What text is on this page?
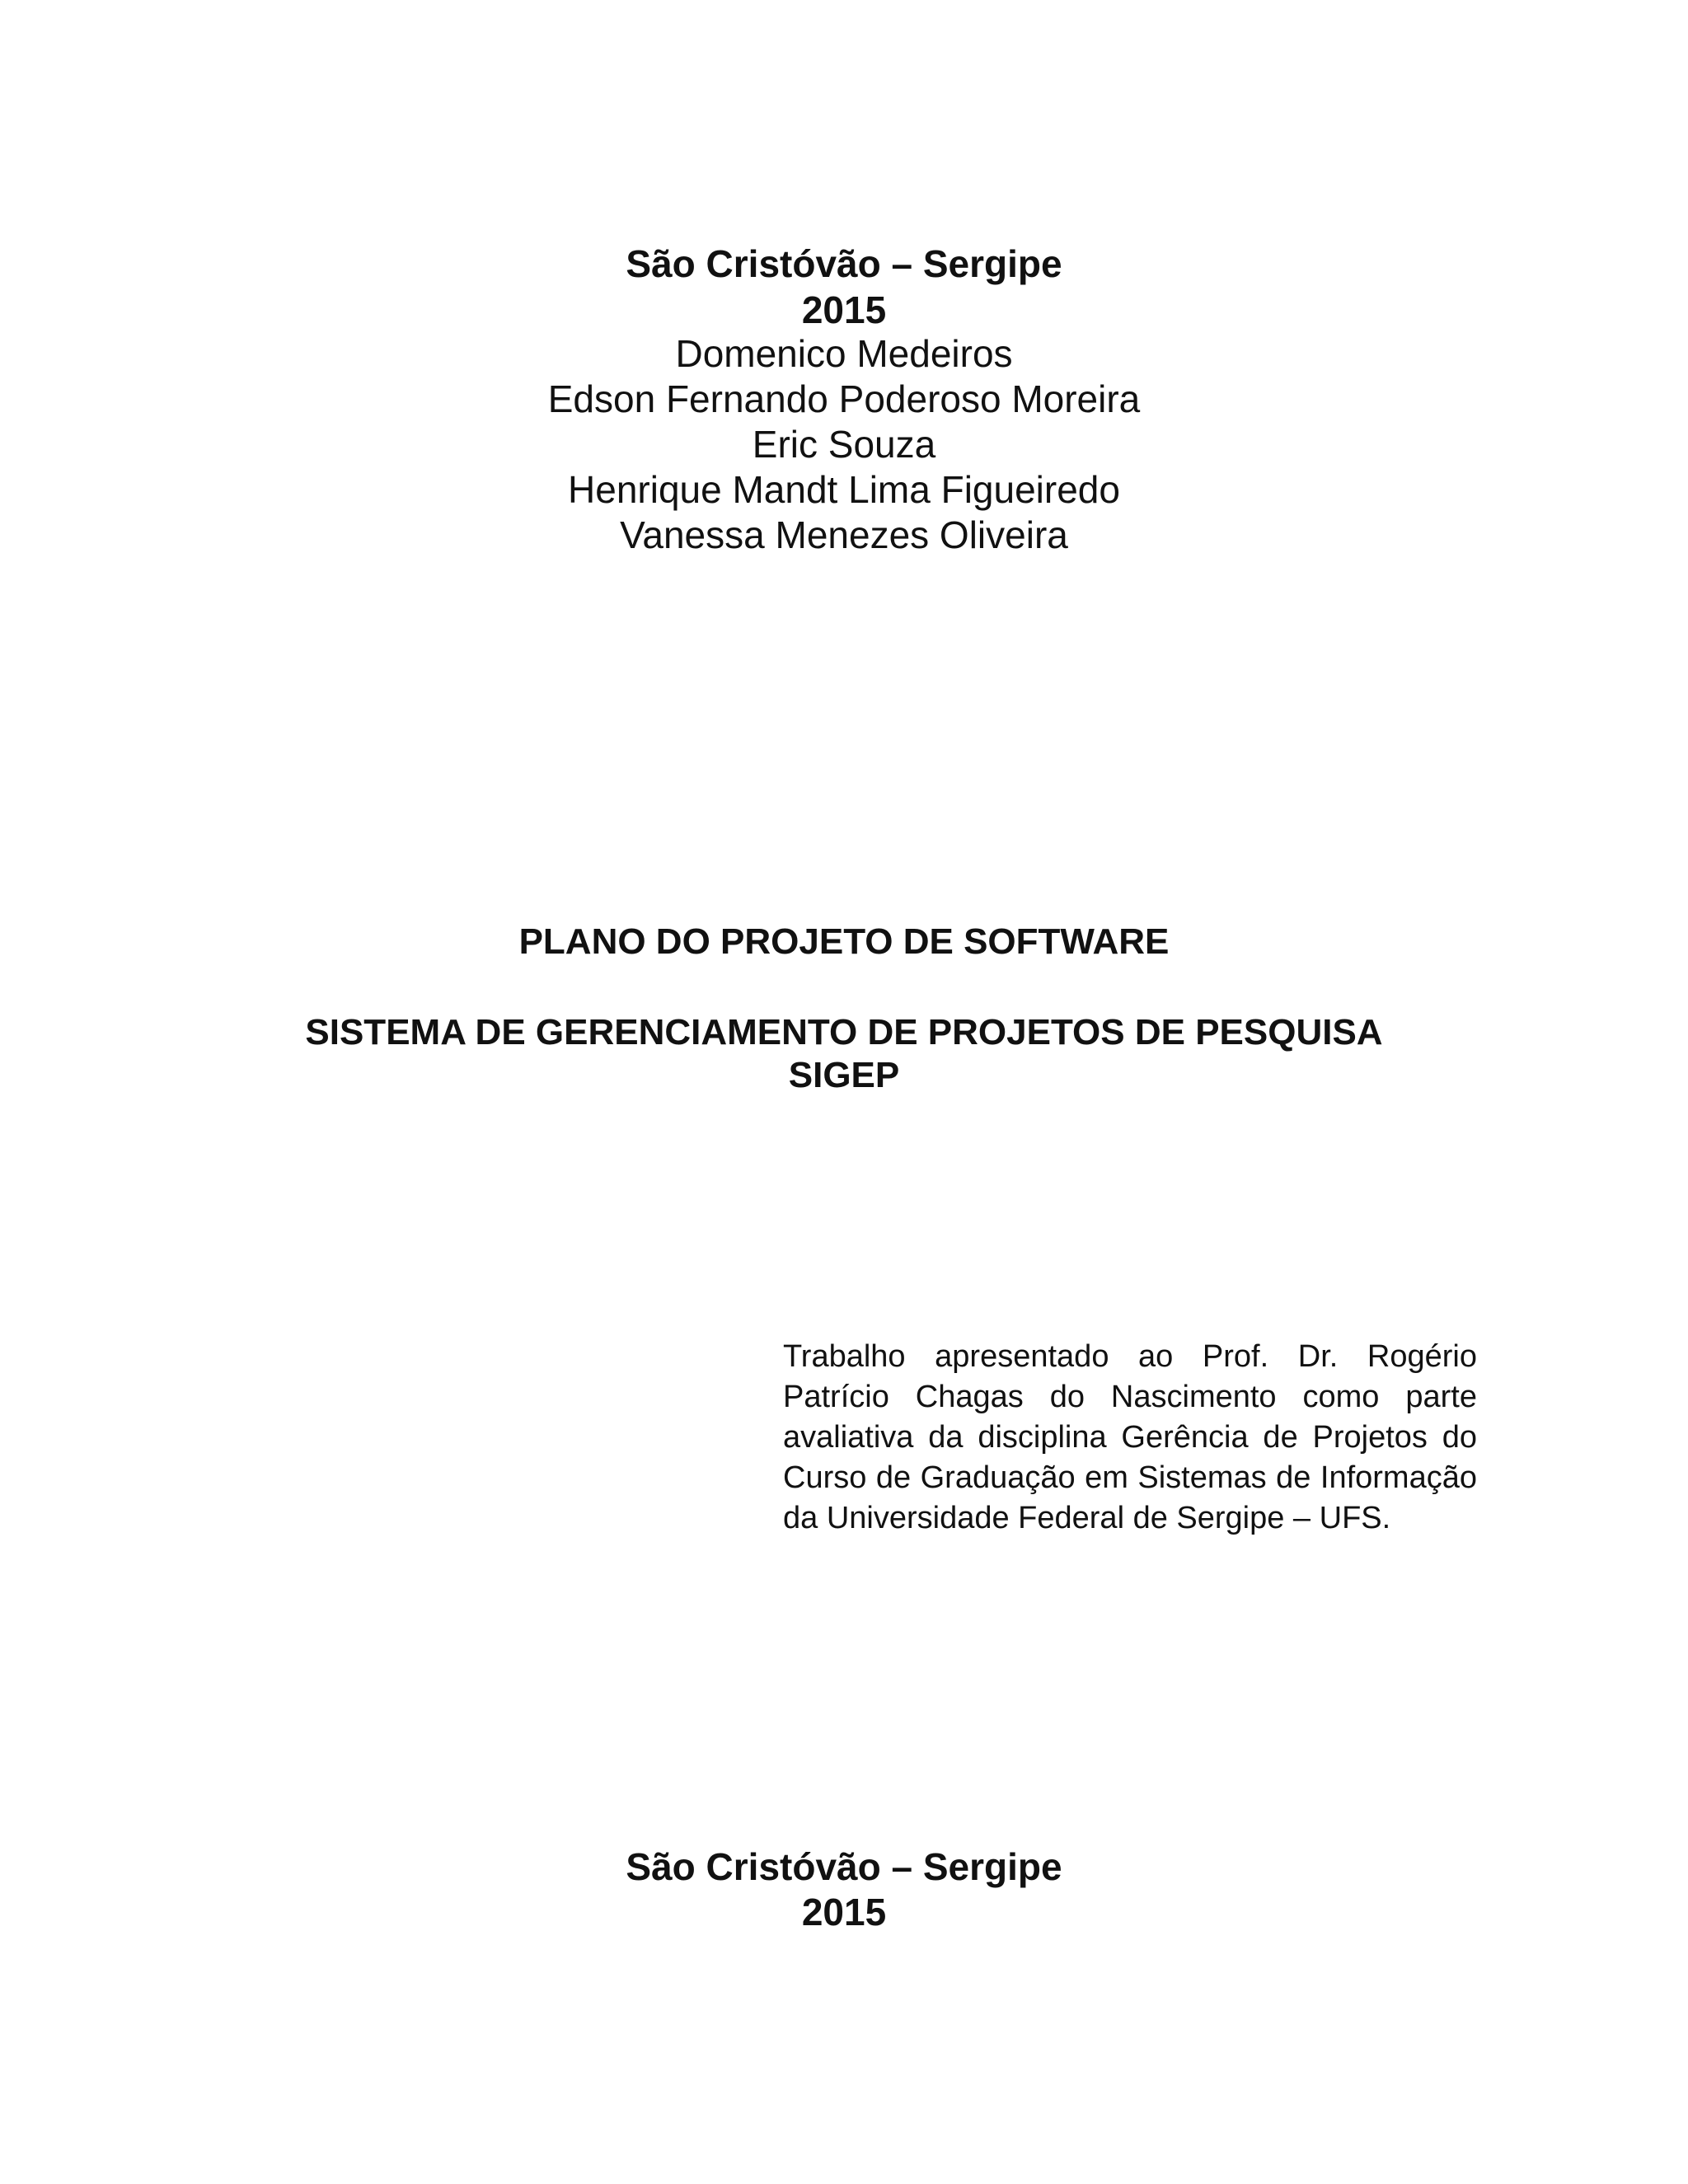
São Cristóvão – Sergipe
2015
Domenico Medeiros
Edson Fernando Poderoso Moreira
Eric Souza
Henrique Mandt Lima Figueiredo
Vanessa Menezes Oliveira
PLANO DO PROJETO DE SOFTWARE
SISTEMA DE GERENCIAMENTO DE PROJETOS DE PESQUISA
SIGEP
Trabalho apresentado ao Prof. Dr. Rogério Patrício Chagas do Nascimento como parte avaliativa da disciplina Gerência de Projetos do Curso de Graduação em Sistemas de Informação da Universidade Federal de Sergipe – UFS.
São Cristóvão – Sergipe
2015
